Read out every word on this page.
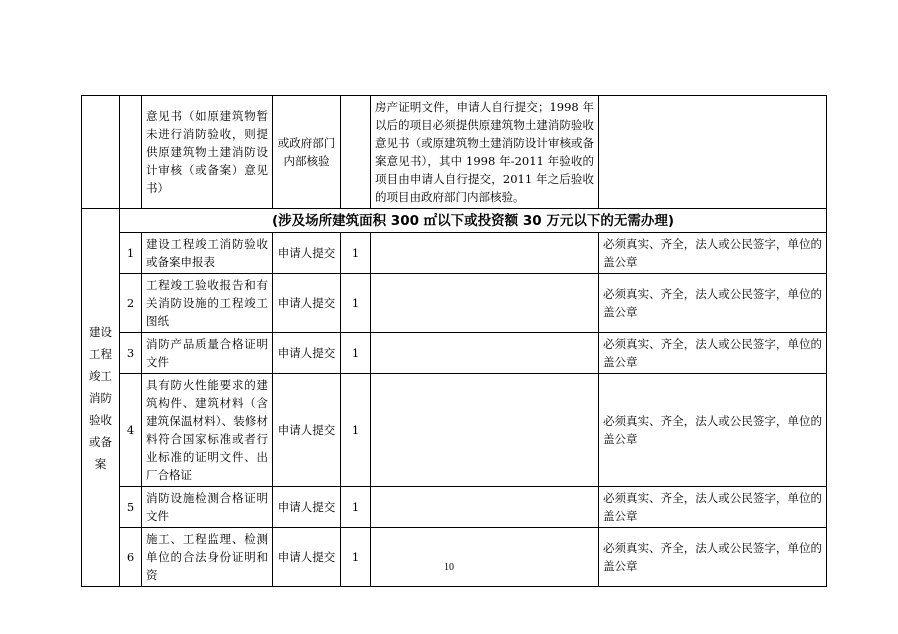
		意见书（如原建筑物暂未进行消防验收，则提供原建筑物土建消防设计审核（或备案）意见书）	或政府部门内部核验		房产证明文件，申请人自行提交；1998 年以后的项目必须提供原建筑物土建消防验收意见书（或原建筑物土建消防设计审核或备案意见书），其中 1998 年-2011 年验收的项目由申请人自行提交，2011 年之后验收的项目由政府部门内部核验。	
建设工程竣工消防验收或备案	(涉及场所建筑面积 300 ㎡以下或投资额 30 万元以下的无需办理)					
	1	建设工程竣工消防验收或备案申报表	申请人提交	1		必须真实、齐全，法人或公民签字，单位的盖公章
	2	工程竣工验收报告和有关消防设施的工程竣工图纸	申请人提交	1		必须真实、齐全，法人或公民签字，单位的盖公章
	3	消防产品质量合格证明文件	申请人提交	1		必须真实、齐全，法人或公民签字，单位的盖公章
	4	具有防火性能要求的建筑构件、建筑材料（含建筑保温材料）、装修材料符合国家标准或者行业标准的证明文件、出厂合格证	申请人提交	1		必须真实、齐全，法人或公民签字，单位的盖公章
	5	消防设施检测合格证明文件	申请人提交	1		必须真实、齐全，法人或公民签字，单位的盖公章
	6	施工、工程监理、检测单位的合法身份证明和资	申请人提交	1		必须真实、齐全，法人或公民签字，单位的盖公章
10
